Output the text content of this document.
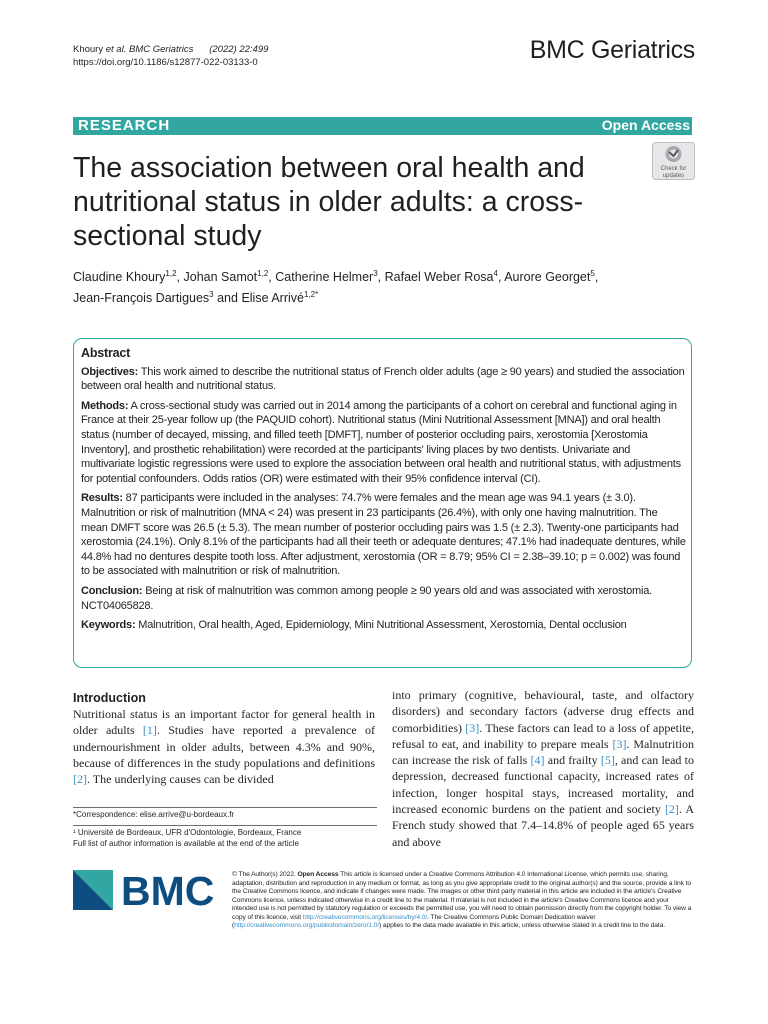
Khoury et al. BMC Geriatrics (2022) 22:499
https://doi.org/10.1186/s12877-022-03133-0	BMC Geriatrics
RESEARCH	Open Access
The association between oral health and nutritional status in older adults: a cross-sectional study
Check for
updates
Claudine Khoury$^{1,2}$, Johan Samot$^{1,2}$, Catherine Helmer$^3$, Rafael Weber Rosa$^4$, Aurore Georget$^5$,
Jean-François Dartigues$^3$ and Elise Arrivé$^{1,2*}$
Abstract

Objectives: This work aimed to describe the nutritional status of French older adults (age ≥ 90 years) and studied the association between oral health and nutritional status.

Methods: A cross-sectional study was carried out in 2014 among the participants of a cohort on cerebral and functional aging in France at their 25-year follow up (the PAQUID cohort). Nutritional status (Mini Nutritional Assessment [MNA]) and oral health status (number of decayed, missing, and filled teeth [DMFT], number of posterior occluding pairs, xerostomia [Xerostomia Inventory], and prosthetic rehabilitation) were recorded at the participants' living places by two dentists. Univariate and multivariate logistic regressions were used to explore the association between oral health and nutritional status, with adjustments for potential confounders. Odds ratios (OR) were estimated with their 95% confidence interval (CI).

Results: 87 participants were included in the analyses: 74.7% were females and the mean age was 94.1 years (± 3.0). Malnutrition or risk of malnutrition (MNA < 24) was present in 23 participants (26.4%), with only one having malnutrition. The mean DMFT score was 26.5 (± 5.3). The mean number of posterior occluding pairs was 1.5 (± 2.3). Twenty-one participants had xerostomia (24.1%). Only 8.1% of the participants had all their teeth or adequate dentures; 47.1% had inadequate dentures, while 44.8% had no dentures despite tooth loss. After adjustment, xerostomia (OR = 8.79; 95% CI = 2.38–39.10; p = 0.002) was found to be associated with malnutrition or risk of malnutrition.

Conclusion: Being at risk of malnutrition was common among people ≥ 90 years old and was associated with xerostomia. NCT04065828.

Keywords: Malnutrition, Oral health, Aged, Epidemiology, Mini Nutritional Assessment, Xerostomia, Dental occlusion

Introduction

Nutritional status is an important factor for general health in older adults [1]. Studies have reported a prevalence of undernourishment in older adults, between 4.3% and 90%, because of differences in the study populations and definitions [2]. The underlying causes can be divided

*Correspondence: elise.arrive@u-bordeaux.fr
¹ Université de Bordeaux, UFR d'Odontologie, Bordeaux, France
Full list of author information is available at the end of the article

into primary (cognitive, behavioural, taste, and olfactory disorders) and secondary factors (adverse drug effects and comorbidities) [3]. These factors can lead to a loss of appetite, refusal to eat, and inability to prepare meals [3]. Malnutrition can increase the risk of falls [4] and frailty [5], and can lead to depression, decreased functional capacity, increased rates of infection, longer hospital stays, increased mortality, and increased economic burdens on the patient and society [2]. A French study showed that 7.4–14.8% of people aged 65 years and above

BMC	© The Author(s) 2022. Open Access This article is licensed under a Creative Commons Attribution 4.0 International License, which permits use, sharing, adaptation, distribution and reproduction in any medium or format, as long as you give appropriate credit to the original author(s) and the source, provide a link to the Creative Commons licence, and indicate if changes were made. The images or other third party material in this article are included in the article's Creative Commons licence, unless indicated otherwise in a credit line to the material. If material is not included in the article's Creative Commons licence and your intended use is not permitted by statutory regulation or exceeds the permitted use, you will need to obtain permission directly from the copyright holder. To view a copy of this licence, visit http://creativecommons.org/licenses/by/4.0/. The Creative Commons Public Domain Dedication waiver (http://creativecommons.org/publicdomain/zero/1.0/) applies to the data made available in this article, unless otherwise stated in a credit line to the data.
